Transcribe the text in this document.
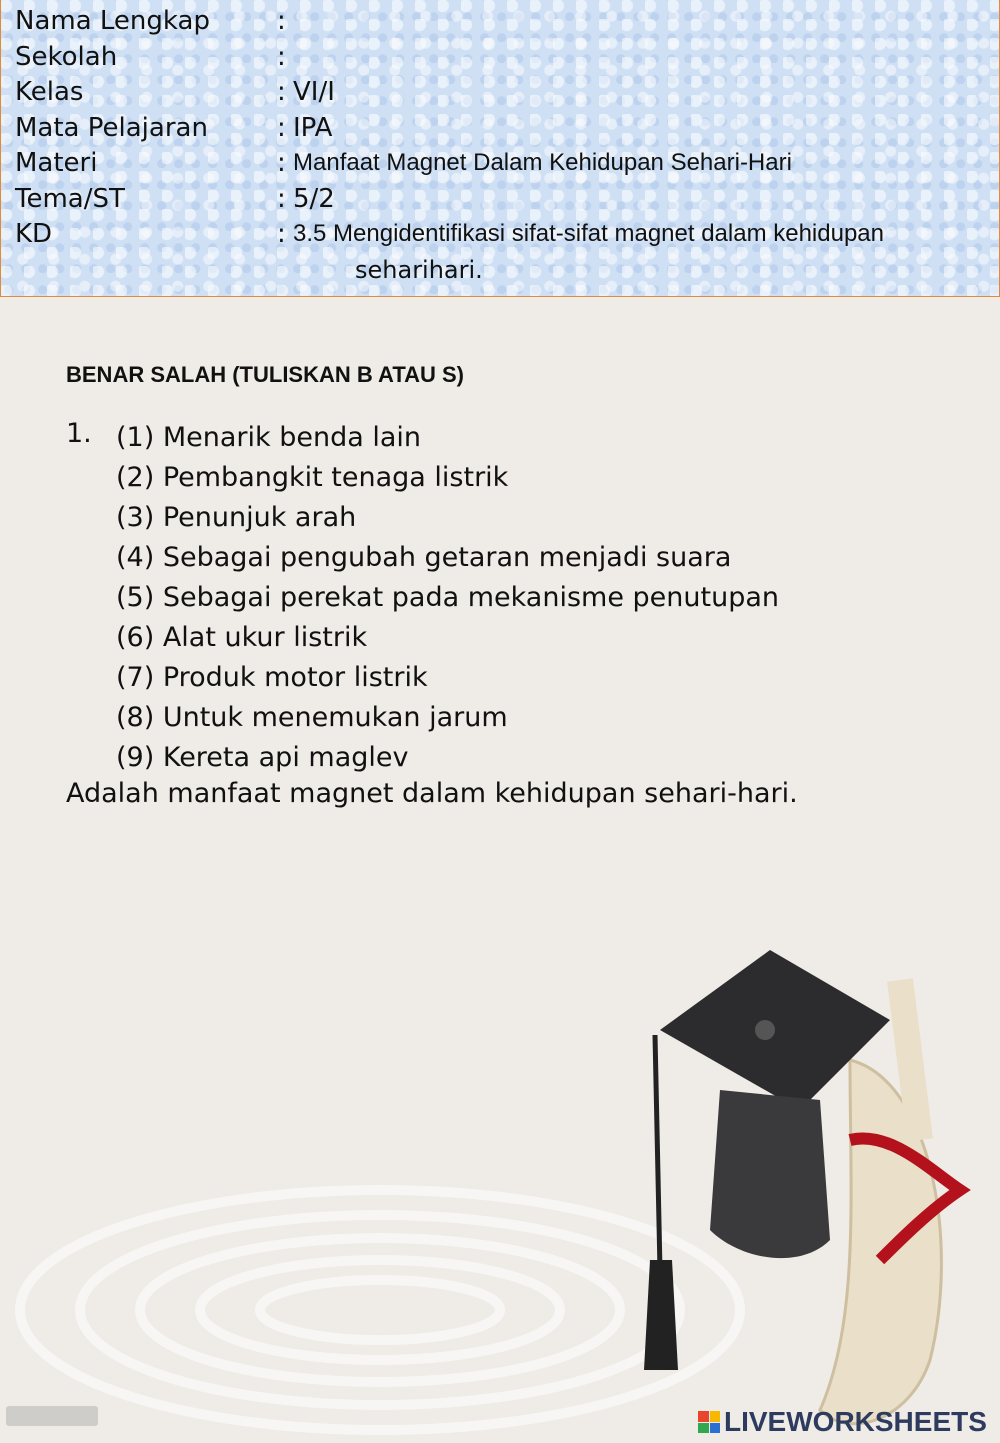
Nama Lengkap	:
Sekolah	:
Kelas	: VI/I
Mata Pelajaran	: IPA
Materi	: Manfaat Magnet Dalam Kehidupan Sehari-Hari
Tema/ST	: 5/2
KD	: 3.5 Mengidentifikasi sifat-sifat magnet dalam kehidupan
seharihari.
BENAR SALAH (TULISKAN B ATAU S)
1. (1) Menarik benda lain
(2) Pembangkit tenaga listrik
(3) Penunjuk arah
(4) Sebagai pengubah getaran menjadi suara
(5) Sebagai perekat pada mekanisme penutupan
(6) Alat ukur listrik
(7) Produk motor listrik
(8) Untuk menemukan jarum
(9) Kereta api maglev
Adalah manfaat magnet dalam kehidupan sehari-hari.
LIVEWORKSHEETS
